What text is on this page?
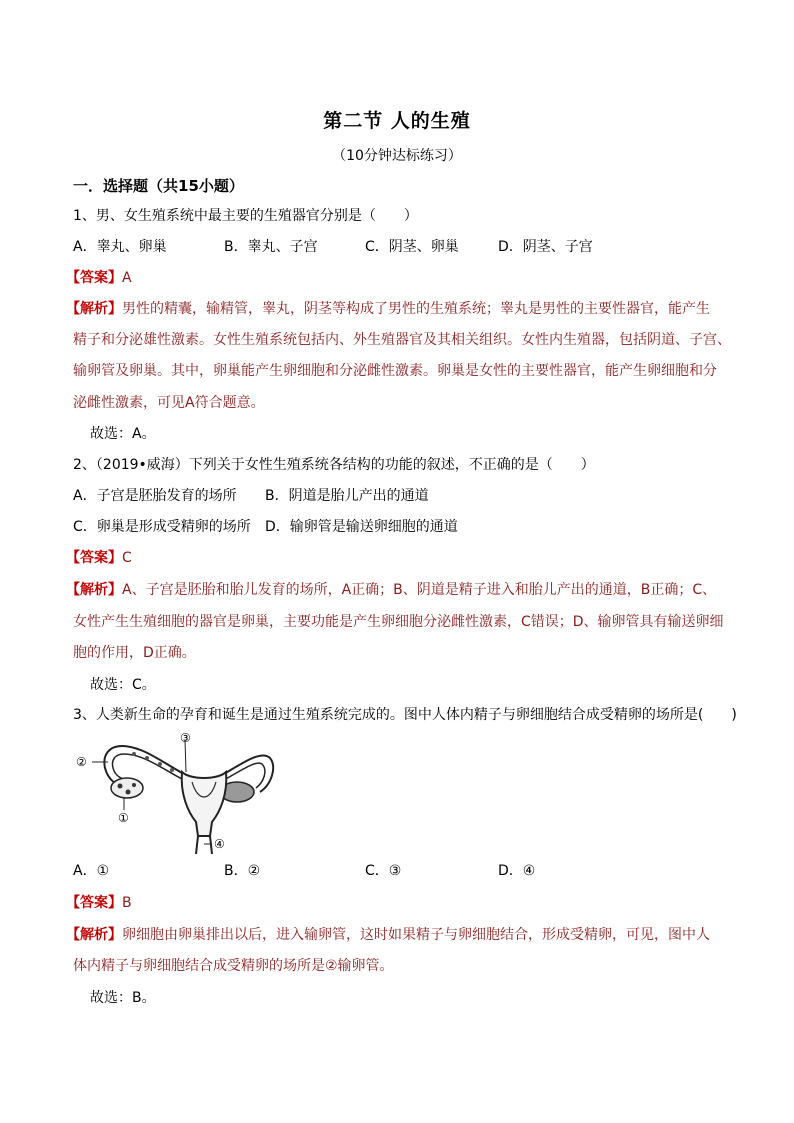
第二节 人的生殖
（10分钟达标练习）
一．选择题（共15小题）
1、男、女生殖系统中最主要的生殖器官分别是（　　）
A．睾丸、卵巢	B．睾丸、子宫	C．阴茎、卵巢	D．阴茎、子宫
【答案】A
【解析】男性的精囊，输精管，睾丸，阴茎等构成了男性的生殖系统；睾丸是男性的主要性器官，能产生
精子和分泌雄性激素。女性生殖系统包括内、外生殖器官及其相关组织。女性内生殖器，包括阴道、子宫、
输卵管及卵巢。其中，卵巢能产生卵细胞和分泌雌性激素。卵巢是女性的主要性器官，能产生卵细胞和分
泌雌性激素，可见A符合题意。
故选：A。
2、（2019•威海）下列关于女性生殖系统各结构的功能的叙述，不正确的是（　　）
A．子宫是胚胎发育的场所 B．阴道是胎儿产出的通道
C．卵巢是形成受精卵的场所 D．输卵管是输送卵细胞的通道
【答案】C
【解析】A、子宫是胚胎和胎儿发育的场所，A正确；B、阴道是精子进入和胎儿产出的通道，B正确；C、
女性产生生殖细胞的器官是卵巢，主要功能是产生卵细胞分泌雌性激素，C错误；D、输卵管具有输送卵细
胞的作用，D正确。
故选：C。
3、人类新生命的孕育和诞生是通过生殖系统完成的。图中人体内精子与卵细胞结合成受精卵的场所是(　　)
③
②
①
④
A．①	B．②	C．③	D．④
【答案】B
【解析】卵细胞由卵巢排出以后，进入输卵管，这时如果精子与卵细胞结合，形成受精卵，可见，图中人
体内精子与卵细胞结合成受精卵的场所是②输卵管。
故选：B。
